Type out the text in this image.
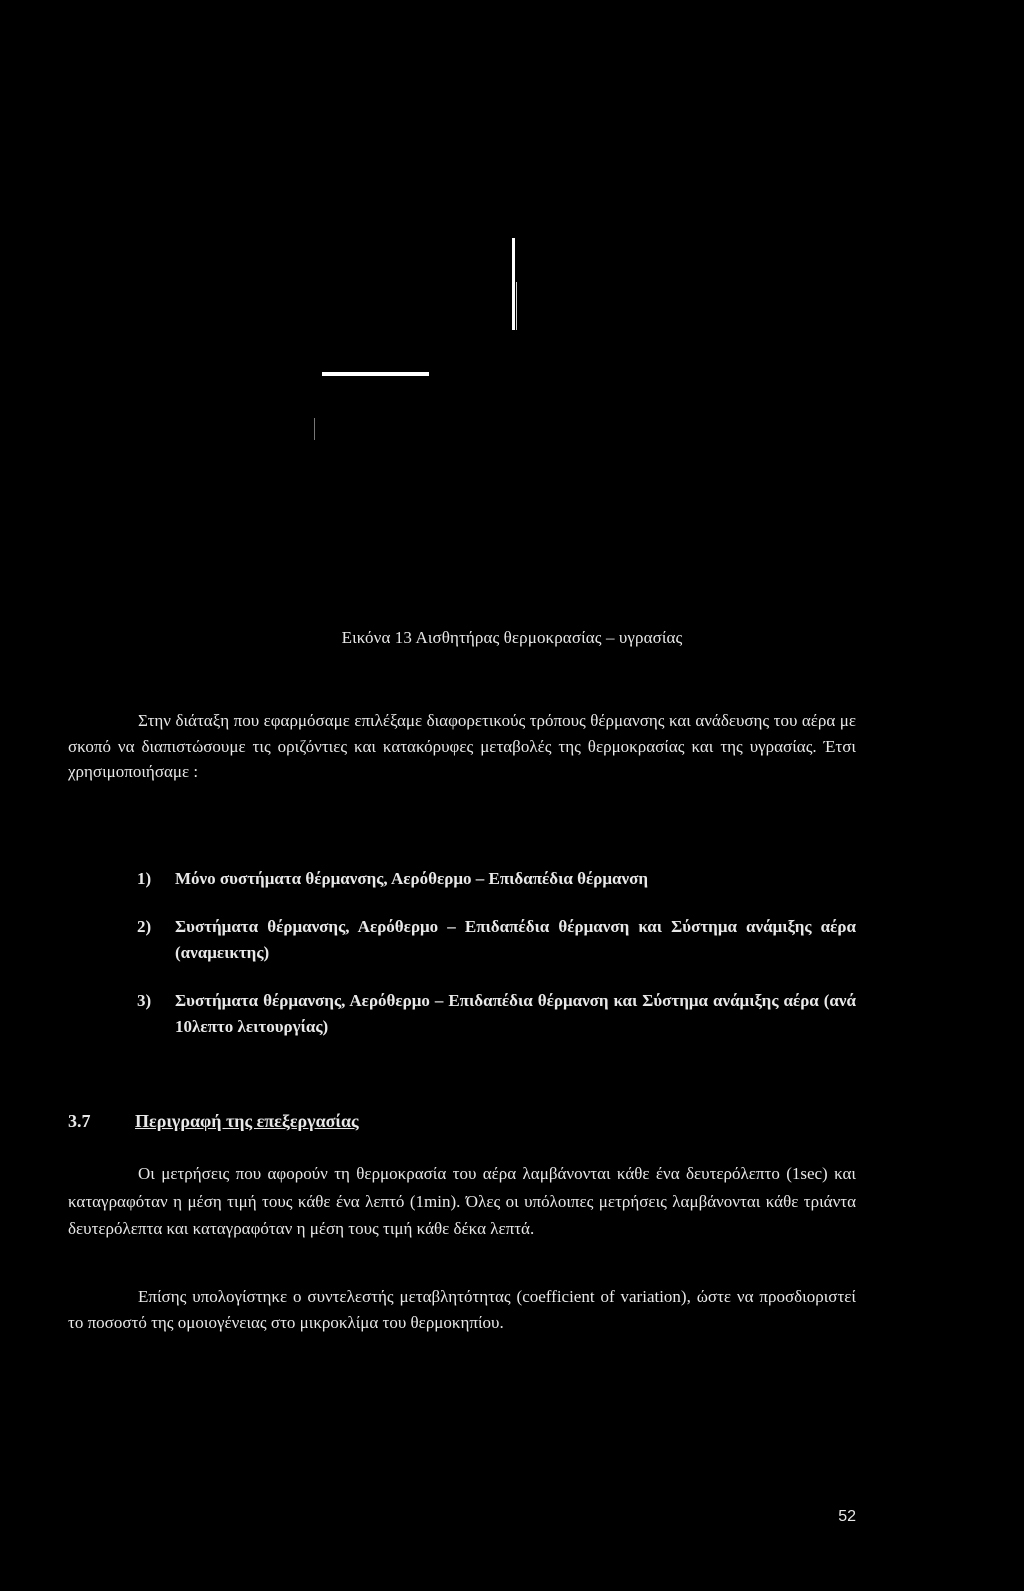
Εικόνα 13 Αισθητήρας θερμοκρασίας – υγρασίας

Στην διάταξη που εφαρμόσαμε επιλέξαμε διαφορετικούς τρόπους θέρμανσης και ανάδευσης του αέρα με σκοπό να διαπιστώσουμε τις οριζόντιες και κατακόρυφες μεταβολές της θερμοκρασίας και της υγρασίας. Έτσι χρησιμοποιήσαμε :

1) Μόνο συστήματα θέρμανσης, Αερόθερμο – Επιδαπέδια θέρμανση
2) Συστήματα θέρμανσης, Αερόθερμο – Επιδαπέδια θέρμανση και Σύστημα ανάμιξης αέρα (αναμεικτης)
3) Συστήματα θέρμανσης, Αερόθερμο – Επιδαπέδια θέρμανση και Σύστημα ανάμιξης αέρα (ανά 10λεπτο λειτουργίας)
3.7 Περιγραφή της επεξεργασίας

Οι μετρήσεις που αφορούν τη θερμοκρασία του αέρα λαμβάνονται κάθε ένα δευτερόλεπτο (1sec) και καταγραφόταν η μέση τιμή τους κάθε ένα λεπτό (1min). Όλες οι υπόλοιπες μετρήσεις λαμβάνονται κάθε τριάντα δευτερόλεπτα και καταγραφόταν η μέση τους τιμή κάθε δέκα λεπτά.

Επίσης υπολογίστηκε ο συντελεστής μεταβλητότητας (coefficient of variation), ώστε να προσδιοριστεί το ποσοστό της ομοιογένειας στο μικροκλίμα του θερμοκηπίου.

52
